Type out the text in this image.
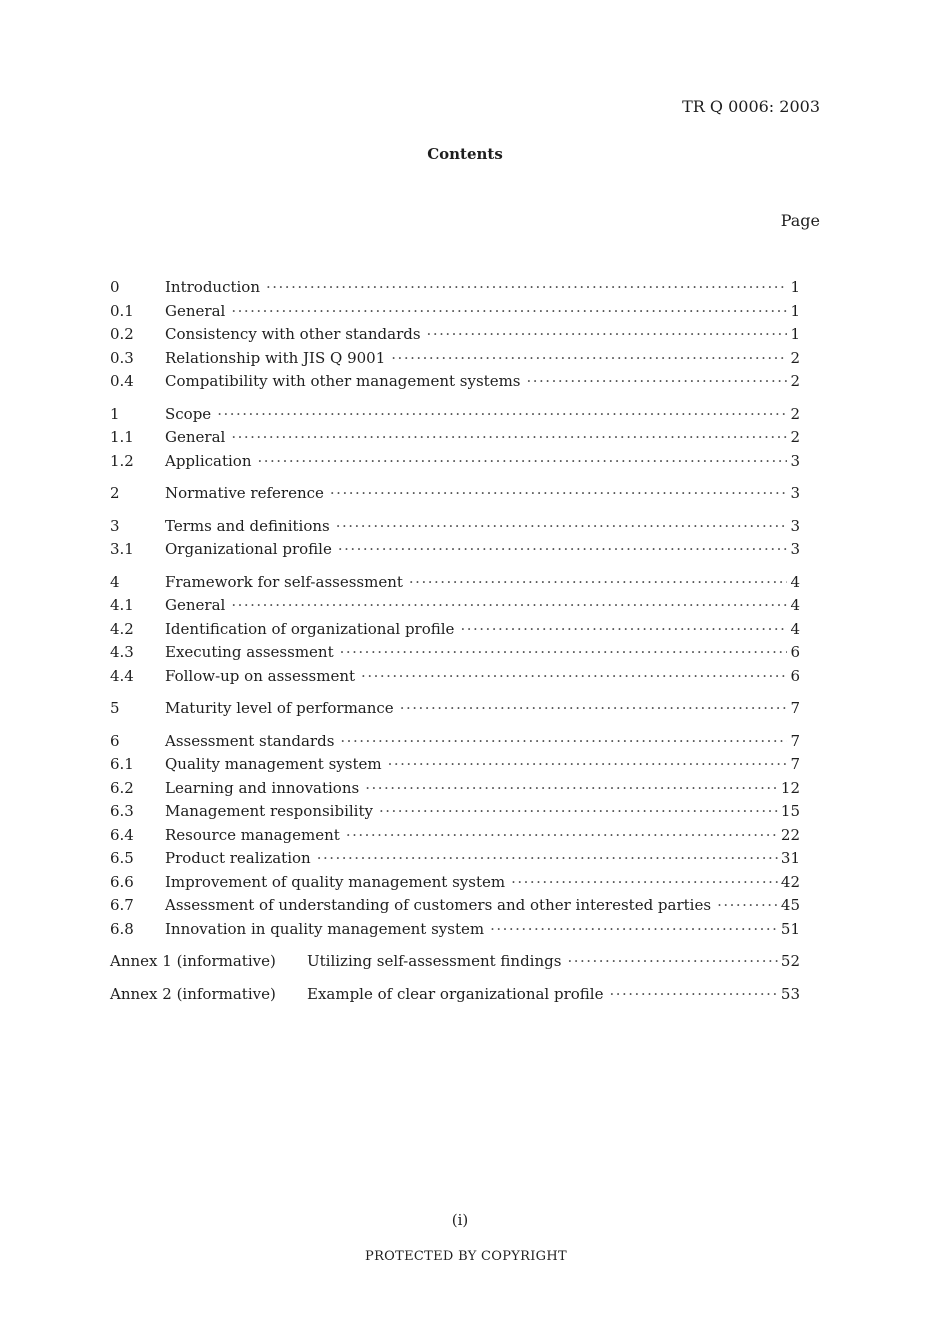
TR Q 0006: 2003
Contents
Page
0	Introduction ·····	1
0.1	General ·····	1
0.2	Consistency with other standards ·····	1
0.3	Relationship with JIS Q 9001 ·····	2
0.4	Compatibility with other management systems ·····	2
1	Scope ·····	2
1.1	General ·····	2
1.2	Application ·····	3
2	Normative reference ·····	3
3	Terms and definitions ·····	3
3.1	Organizational profile ·····	3
4	Framework for self-assessment ·····	4
4.1	General ·····	4
4.2	Identification of organizational profile ·····	4
4.3	Executing assessment ·····	6
4.4	Follow-up on assessment ·····	6
5	Maturity level of performance ·····	7
6	Assessment standards ·····	7
6.1	Quality management system ·····	7
6.2	Learning and innovations ·····	12
6.3	Management responsibility ·····	15
6.4	Resource management ·····	22
6.5	Product realization ·····	31
6.6	Improvement of quality management system ·····	42
6.7	Assessment of understanding of customers and other interested parties ·····	45
6.8	Innovation in quality management system ·····	51
Annex 1 (informative)	Utilizing self-assessment findings ·····	52
Annex 2 (informative)	Example of clear organizational profile ·····	53
(i)
PROTECTED BY COPYRIGHT
